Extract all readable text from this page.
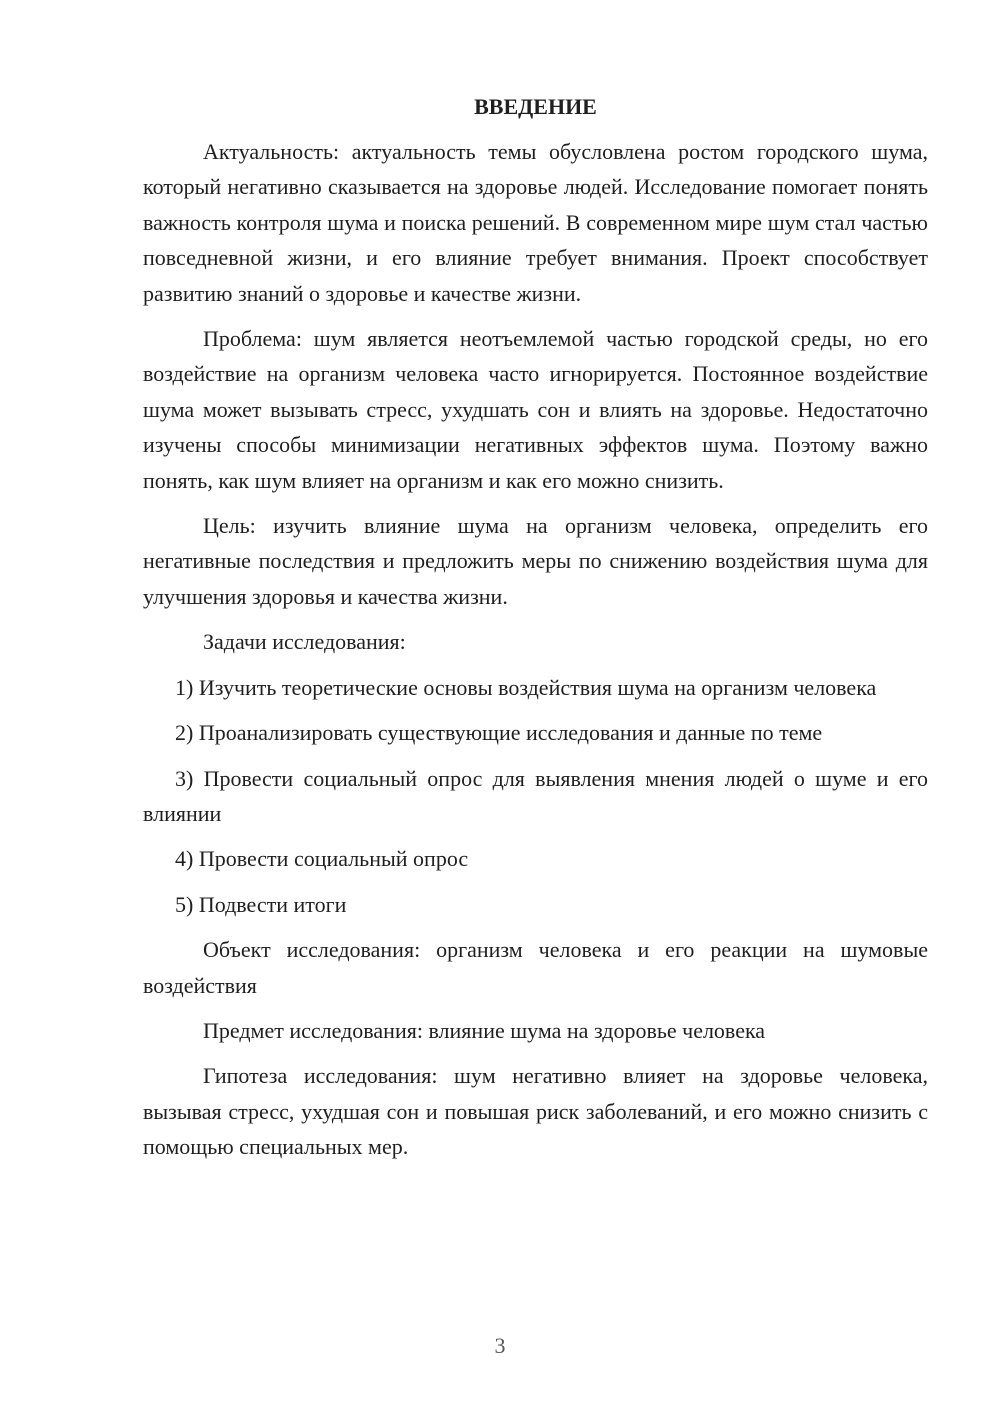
ВВЕДЕНИЕ

Актуальность: актуальность темы обусловлена ростом городского шума, который негативно сказывается на здоровье людей. Исследование помогает понять важность контроля шума и поиска решений. В современном мире шум стал частью повседневной жизни, и его влияние требует внимания. Проект способствует развитию знаний о здоровье и качестве жизни.

Проблема: шум является неотъемлемой частью городской среды, но его воздействие на организм человека часто игнорируется. Постоянное воздействие шума может вызывать стресс, ухудшать сон и влиять на здоровье. Недостаточно изучены способы минимизации негативных эффектов шума. Поэтому важно понять, как шум влияет на организм и как его можно снизить.

Цель: изучить влияние шума на организм человека, определить его негативные последствия и предложить меры по снижению воздействия шума для улучшения здоровья и качества жизни.

Задачи исследования:

1) Изучить теоретические основы воздействия шума на организм человека

2) Проанализировать существующие исследования и данные по теме

3) Провести социальный опрос для выявления мнения людей о шуме и его влиянии

4) Провести социальный опрос

5) Подвести итоги

Объект исследования: организм человека и его реакции на шумовые воздействия

Предмет исследования: влияние шума на здоровье человека

Гипотеза исследования: шум негативно влияет на здоровье человека, вызывая стресс, ухудшая сон и повышая риск заболеваний, и его можно снизить с помощью специальных мер.

3
